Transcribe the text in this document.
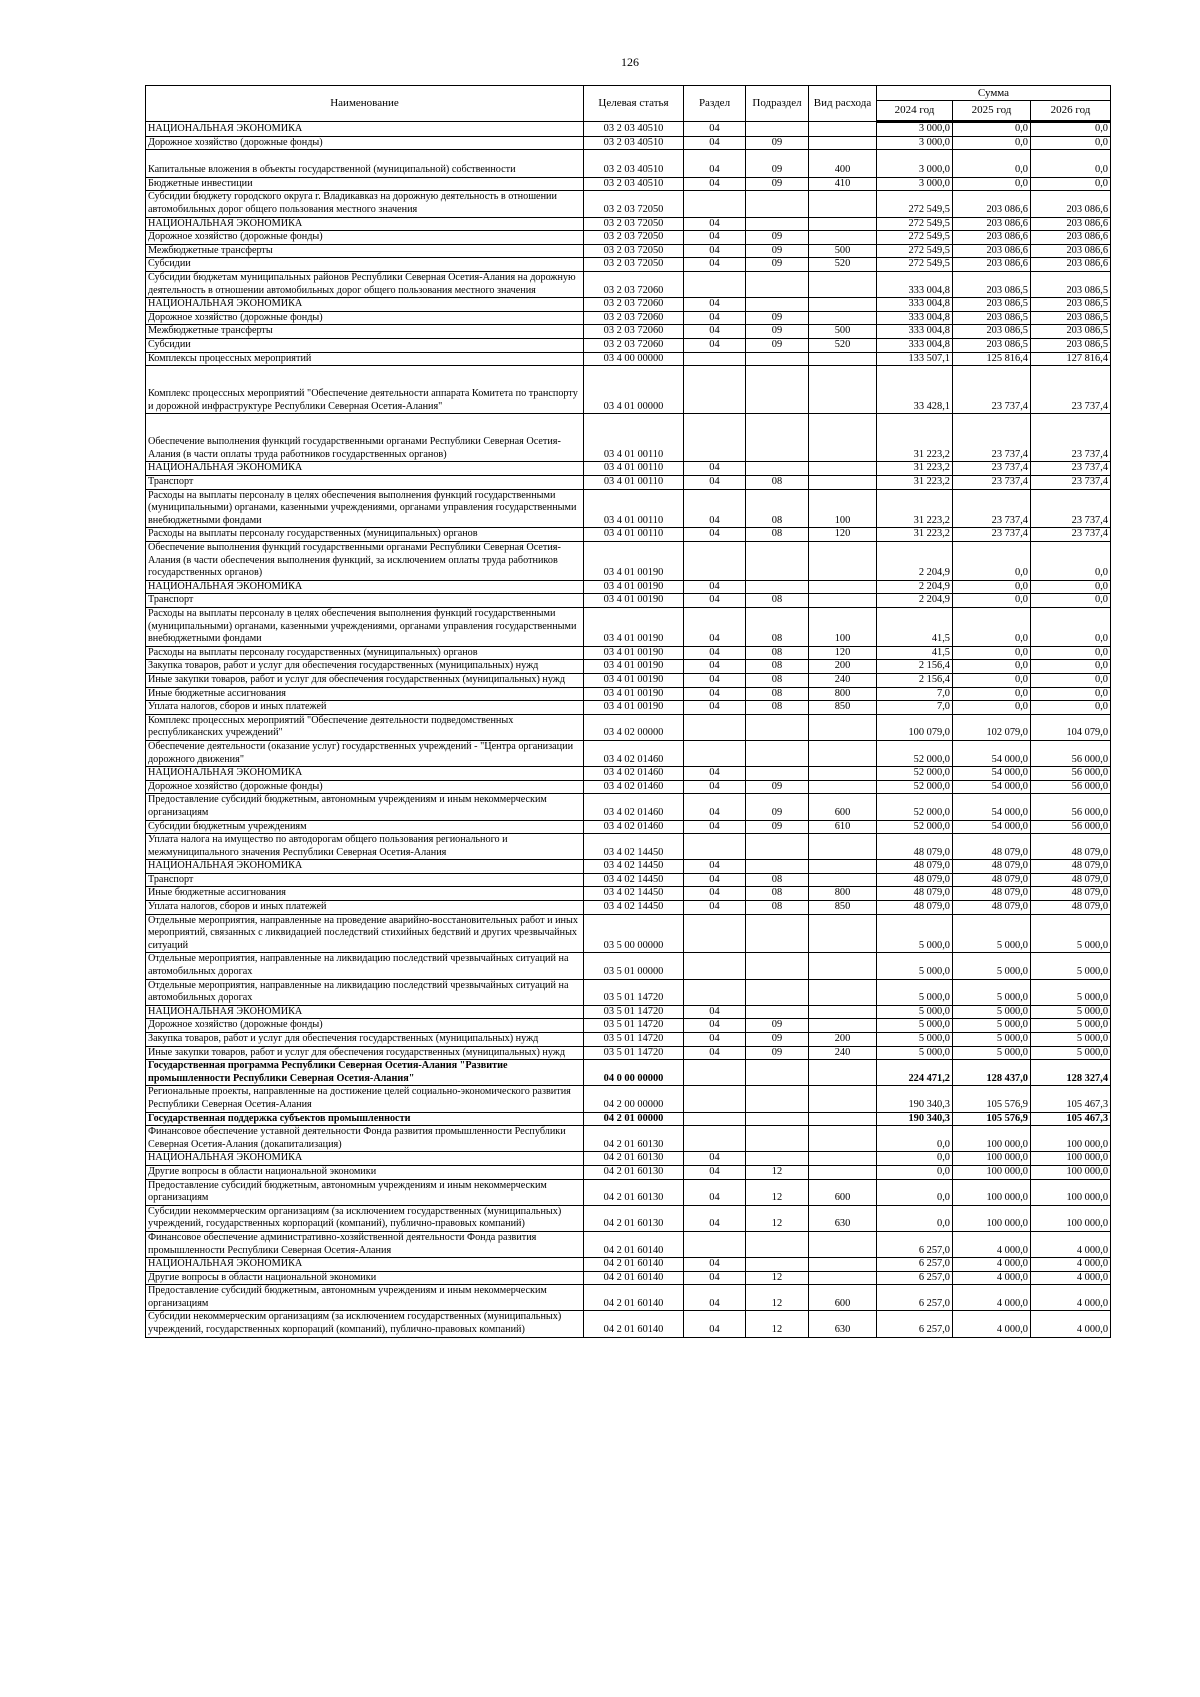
126
Наименование	Целевая статья	Раздел	Подраздел	Вид расхода	Сумма		
					2024 год	2025 год	2026 год
НАЦИОНАЛЬНАЯ ЭКОНОМИКА	03 2 03 40510	04			3 000,0	0,0	0,0
Дорожное хозяйство (дорожные фонды)	03 2 03 40510	04	09		3 000,0	0,0	0,0
Капитальные вложения в объекты государственной (муниципальной) собственности	03 2 03 40510	04	09	400	3 000,0	0,0	0,0
Бюджетные инвестиции	03 2 03 40510	04	09	410	3 000,0	0,0	0,0
Субсидии бюджету городского округа г. Владикавказ на дорожную деятельность в отношении автомобильных дорог общего пользования местного значения	03 2 03 72050				272 549,5	203 086,6	203 086,6
НАЦИОНАЛЬНАЯ ЭКОНОМИКА	03 2 03 72050	04			272 549,5	203 086,6	203 086,6
Дорожное хозяйство (дорожные фонды)	03 2 03 72050	04	09		272 549,5	203 086,6	203 086,6
Межбюджетные трансферты	03 2 03 72050	04	09	500	272 549,5	203 086,6	203 086,6
Субсидии	03 2 03 72050	04	09	520	272 549,5	203 086,6	203 086,6
Субсидии бюджетам муниципальных районов Республики Северная Осетия-Алания на дорожную деятельность в отношении автомобильных дорог общего пользования местного значения	03 2 03 72060				333 004,8	203 086,5	203 086,5
НАЦИОНАЛЬНАЯ ЭКОНОМИКА	03 2 03 72060	04			333 004,8	203 086,5	203 086,5
Дорожное хозяйство (дорожные фонды)	03 2 03 72060	04	09		333 004,8	203 086,5	203 086,5
Межбюджетные трансферты	03 2 03 72060	04	09	500	333 004,8	203 086,5	203 086,5
Субсидии	03 2 03 72060	04	09	520	333 004,8	203 086,5	203 086,5
Комплексы процессных мероприятий	03 4 00 00000				133 507,1	125 816,4	127 816,4
Комплекс процессных мероприятий "Обеспечение деятельности аппарата Комитета по транспорту и дорожной инфраструктуре Республики Северная Осетия-Алания"	03 4 01 00000				33 428,1	23 737,4	23 737,4
Обеспечение выполнения функций государственными органами Республики Северная Осетия-Алания (в части оплаты труда работников государственных органов)	03 4 01 00110				31 223,2	23 737,4	23 737,4
НАЦИОНАЛЬНАЯ ЭКОНОМИКА	03 4 01 00110	04			31 223,2	23 737,4	23 737,4
Транспорт	03 4 01 00110	04	08		31 223,2	23 737,4	23 737,4
Расходы на выплаты персоналу в целях обеспечения выполнения функций государственными (муниципальными) органами, казенными учреждениями, органами управления государственными внебюджетными фондами	03 4 01 00110	04	08	100	31 223,2	23 737,4	23 737,4
Расходы на выплаты персоналу государственных (муниципальных) органов	03 4 01 00110	04	08	120	31 223,2	23 737,4	23 737,4
Обеспечение выполнения функций государственными органами Республики Северная Осетия-Алания (в части обеспечения выполнения функций, за исключением оплаты труда работников государственных органов)	03 4 01 00190				2 204,9	0,0	0,0
НАЦИОНАЛЬНАЯ ЭКОНОМИКА	03 4 01 00190	04			2 204,9	0,0	0,0
Транспорт	03 4 01 00190	04	08		2 204,9	0,0	0,0
Расходы на выплаты персоналу в целях обеспечения выполнения функций государственными (муниципальными) органами, казенными учреждениями, органами управления государственными внебюджетными фондами	03 4 01 00190	04	08	100	41,5	0,0	0,0
Расходы на выплаты персоналу государственных (муниципальных) органов	03 4 01 00190	04	08	120	41,5	0,0	0,0
Закупка товаров, работ и услуг для обеспечения государственных (муниципальных) нужд	03 4 01 00190	04	08	200	2 156,4	0,0	0,0
Иные закупки товаров, работ и услуг для обеспечения государственных (муниципальных) нужд	03 4 01 00190	04	08	240	2 156,4	0,0	0,0
Иные бюджетные ассигнования	03 4 01 00190	04	08	800	7,0	0,0	0,0
Уплата налогов, сборов и иных платежей	03 4 01 00190	04	08	850	7,0	0,0	0,0
Комплекс процессных мероприятий "Обеспечение деятельности подведомственных республиканских учреждений"	03 4 02 00000				100 079,0	102 079,0	104 079,0
Обеспечение деятельности (оказание услуг) государственных учреждений - "Центра организации дорожного движения"	03 4 02 01460				52 000,0	54 000,0	56 000,0
НАЦИОНАЛЬНАЯ ЭКОНОМИКА	03 4 02 01460	04			52 000,0	54 000,0	56 000,0
Дорожное хозяйство (дорожные фонды)	03 4 02 01460	04	09		52 000,0	54 000,0	56 000,0
Предоставление субсидий бюджетным, автономным учреждениям и иным некоммерческим организациям	03 4 02 01460	04	09	600	52 000,0	54 000,0	56 000,0
Субсидии бюджетным учреждениям	03 4 02 01460	04	09	610	52 000,0	54 000,0	56 000,0
Уплата налога на имущество по автодорогам общего пользования регионального и межмуниципального значения Республики Северная Осетия-Алания	03 4 02 14450				48 079,0	48 079,0	48 079,0
НАЦИОНАЛЬНАЯ ЭКОНОМИКА	03 4 02 14450	04			48 079,0	48 079,0	48 079,0
Транспорт	03 4 02 14450	04	08		48 079,0	48 079,0	48 079,0
Иные бюджетные ассигнования	03 4 02 14450	04	08	800	48 079,0	48 079,0	48 079,0
Уплата налогов, сборов и иных платежей	03 4 02 14450	04	08	850	48 079,0	48 079,0	48 079,0
Отдельные мероприятия, направленные на проведение аварийно-восстановительных работ и иных мероприятий, связанных с ликвидацией последствий стихийных бедствий и других чрезвычайных ситуаций	03 5 00 00000				5 000,0	5 000,0	5 000,0
Отдельные мероприятия, направленные на ликвидацию последствий чрезвычайных ситуаций на автомобильных дорогах	03 5 01 00000				5 000,0	5 000,0	5 000,0
Отдельные мероприятия, направленные на ликвидацию последствий чрезвычайных ситуаций на автомобильных дорогах	03 5 01 14720				5 000,0	5 000,0	5 000,0
НАЦИОНАЛЬНАЯ ЭКОНОМИКА	03 5 01 14720	04			5 000,0	5 000,0	5 000,0
Дорожное хозяйство (дорожные фонды)	03 5 01 14720	04	09		5 000,0	5 000,0	5 000,0
Закупка товаров, работ и услуг для обеспечения государственных (муниципальных) нужд	03 5 01 14720	04	09	200	5 000,0	5 000,0	5 000,0
Иные закупки товаров, работ и услуг для обеспечения государственных (муниципальных) нужд	03 5 01 14720	04	09	240	5 000,0	5 000,0	5 000,0
Государственная программа Республики Северная Осетия-Алания "Развитие промышленности Республики Северная Осетия-Алания"	04 0 00 00000				224 471,2	128 437,0	128 327,4
Региональные проекты, направленные на достижение целей социально-экономического развития Республики Северная Осетия-Алания	04 2 00 00000				190 340,3	105 576,9	105 467,3
Государственная поддержка субъектов промышленности	04 2 01 00000				190 340,3	105 576,9	105 467,3
Финансовое обеспечение уставной деятельности Фонда развития промышленности Республики Северная Осетия-Алания (докапитализация)	04 2 01 60130				0,0	100 000,0	100 000,0
НАЦИОНАЛЬНАЯ ЭКОНОМИКА	04 2 01 60130	04			0,0	100 000,0	100 000,0
Другие вопросы в области национальной экономики	04 2 01 60130	04	12		0,0	100 000,0	100 000,0
Предоставление субсидий бюджетным, автономным учреждениям и иным некоммерческим организациям	04 2 01 60130	04	12	600	0,0	100 000,0	100 000,0
Субсидии некоммерческим организациям (за исключением государственных (муниципальных) учреждений, государственных корпораций (компаний), публично-правовых компаний)	04 2 01 60130	04	12	630	0,0	100 000,0	100 000,0
Финансовое обеспечение административно-хозяйственной деятельности Фонда развития промышленности Республики Северная Осетия-Алания	04 2 01 60140				6 257,0	4 000,0	4 000,0
НАЦИОНАЛЬНАЯ ЭКОНОМИКА	04 2 01 60140	04			6 257,0	4 000,0	4 000,0
Другие вопросы в области национальной экономики	04 2 01 60140	04	12		6 257,0	4 000,0	4 000,0
Предоставление субсидий бюджетным, автономным учреждениям и иным некоммерческим организациям	04 2 01 60140	04	12	600	6 257,0	4 000,0	4 000,0
Субсидии некоммерческим организациям (за исключением государственных (муниципальных) учреждений, государственных корпораций (компаний), публично-правовых компаний)	04 2 01 60140	04	12	630	6 257,0	4 000,0	4 000,0
